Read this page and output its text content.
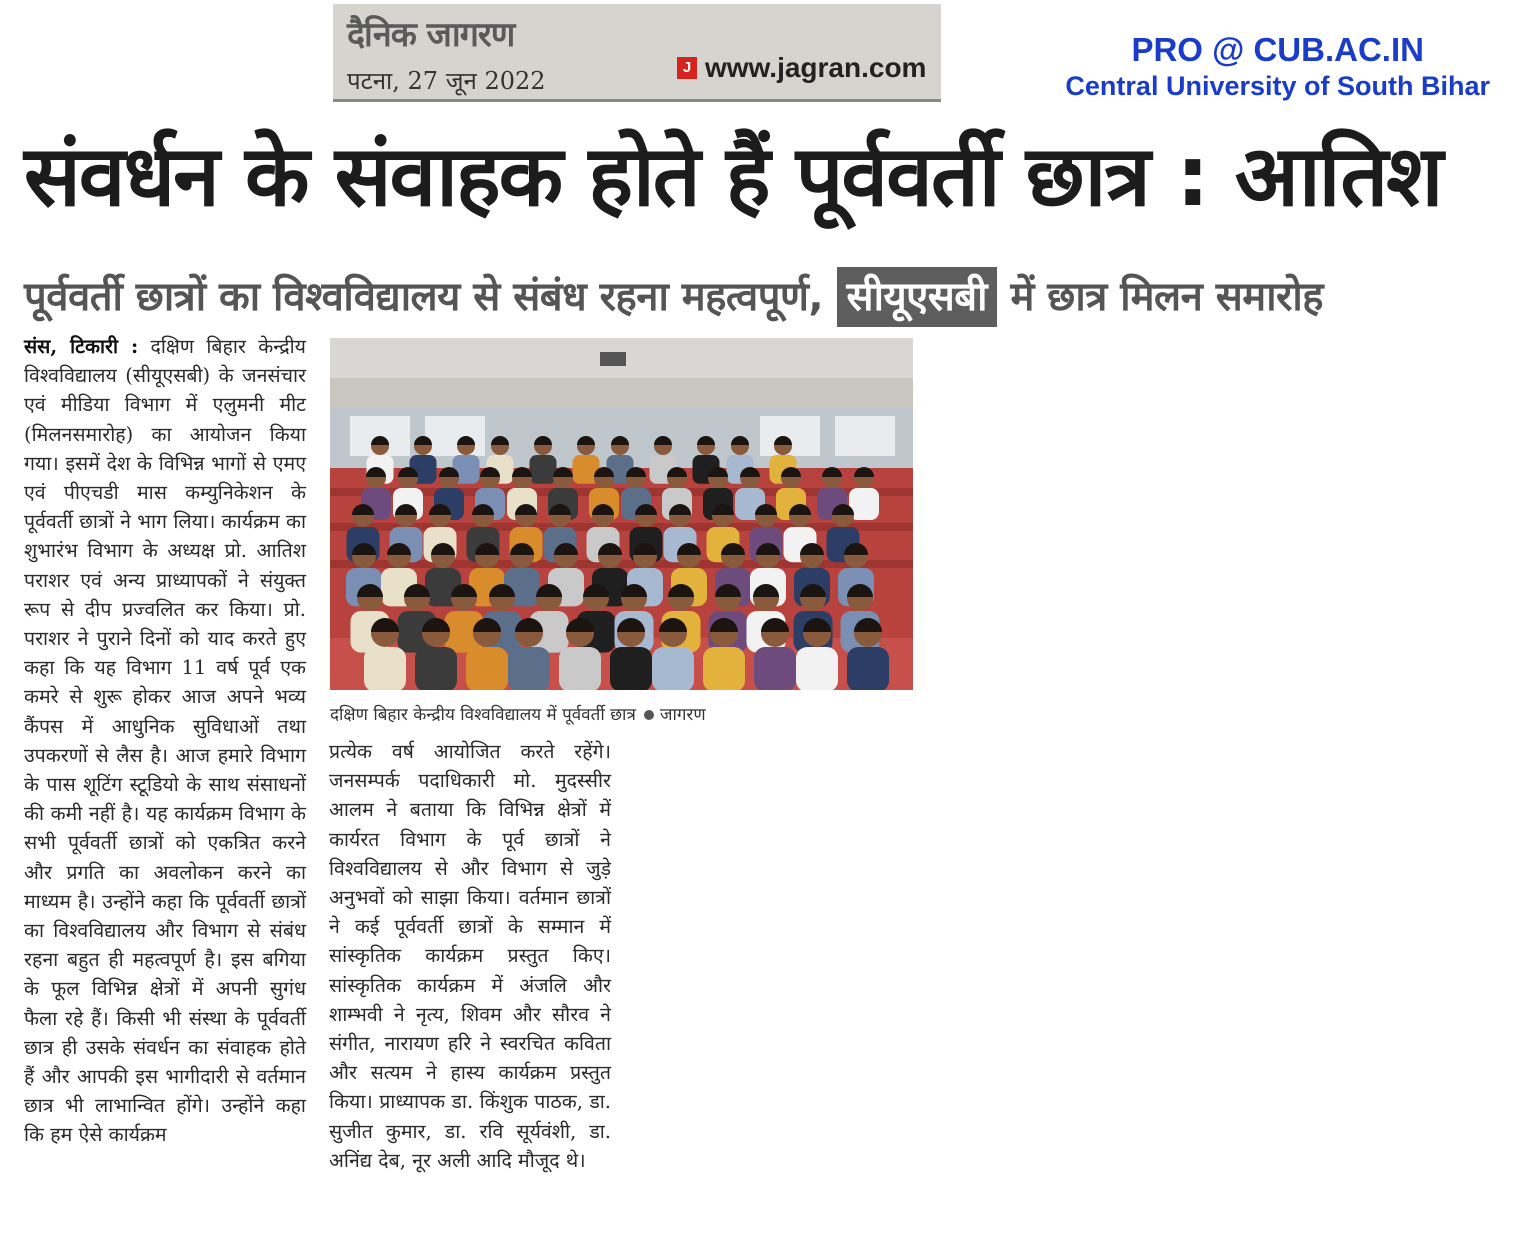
दैनिक जागरण
पटना, 27 जून 2022	J www.jagran.com	PRO @ CUB.AC.IN
Central University of South Bihar
संवर्धन के संवाहक होते हैं पूर्ववर्ती छात्र : आतिश
पूर्ववर्ती छात्रों का विश्वविद्यालय से संबंध रहना महत्वपूर्ण, सीयूएसबी में छात्र मिलन समारोह
संस, टिकारी : दक्षिण बिहार केन्द्रीय विश्वविद्यालय (सीयूएसबी) के जनसंचार एवं मीडिया विभाग में एलुमनी मीट (मिलनसमारोह) का आयोजन किया गया। इसमें देश के विभिन्न भागों से एमए एवं पीएचडी मास कम्युनिकेशन के पूर्ववर्ती छात्रों ने भाग लिया। कार्यक्रम का शुभारंभ विभाग के अध्यक्ष प्रो. आतिश पराशर एवं अन्य प्राध्यापकों ने संयुक्त रूप से दीप प्रज्वलित कर किया। प्रो. पराशर ने पुराने दिनों को याद करते हुए कहा कि यह विभाग 11 वर्ष पूर्व एक कमरे से शुरू होकर आज अपने भव्य कैंपस में आधुनिक सुविधाओं तथा उपकरणों से लैस है। आज हमारे विभाग के पास शूटिंग स्टूडियो के साथ संसाधनों की कमी नहीं है। यह कार्यक्रम विभाग के सभी पूर्ववर्ती छात्रों को एकत्रित करने और प्रगति का अवलोकन करने का माध्यम है। उन्होंने कहा कि पूर्ववर्ती छात्रों का विश्वविद्यालय और विभाग से संबंध रहना बहुत ही महत्वपूर्ण है। इस बगिया के फूल विभिन्न क्षेत्रों में अपनी सुगंध फैला रहे हैं। किसी भी संस्था के पूर्ववर्ती छात्र ही उसके संवर्धन का संवाहक होते हैं और आपकी इस भागीदारी से वर्तमान छात्र भी लाभान्वित होंगे। उन्होंने कहा कि हम ऐसे कार्यक्रम
दक्षिण बिहार केन्द्रीय विश्वविद्यालय में पूर्ववर्ती छात्र जागरण
प्रत्येक वर्ष आयोजित करते रहेंगे। जनसम्पर्क पदाधिकारी मो. मुदस्सीर आलम ने बताया कि विभिन्न क्षेत्रों में कार्यरत विभाग के पूर्व छात्रों ने विश्वविद्यालय से और विभाग से जुड़े अनुभवों को साझा किया। वर्तमान छात्रों ने कई पूर्ववर्ती छात्रों के सम्मान में सांस्कृतिक कार्यक्रम प्रस्तुत किए। सांस्कृतिक कार्यक्रम में अंजलि और शाम्भवी ने नृत्य, शिवम और सौरव ने संगीत, नारायण हरि ने स्वरचित कविता और सत्यम ने हास्य कार्यक्रम प्रस्तुत किया। प्राध्यापक डा. किंशुक पाठक, डा. सुजीत कुमार, डा. रवि सूर्यवंशी, डा. अनिंद्य देब, नूर अली आदि मौजूद थे।
